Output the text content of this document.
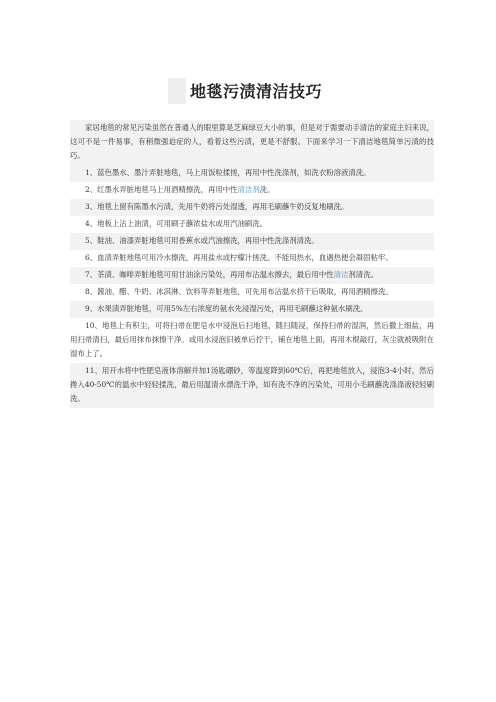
地毯污渍清洁技巧
家居地毯的常见污染虽然在普通人的眼里算是芝麻绿豆大小的事，但是对于需要动手清洁的家庭主妇来说，这可不是一件易事，有稍微强迫症的人，看着这些污渍，更是不舒服。下面来学习一下清洁地毯简单污渍的技巧。
1、蓝色墨水、墨汁弄脏地毯，马上用饭粒揉搓，再用中性洗涤剂，如洗衣粉溶液清洗。
2、红墨水弄脏地毯马上用酒精擦洗，再用中性清洁剂洗。
3、地毯上留有陈墨水污渍，先用牛奶将污处湿透，再用毛刷蘸牛奶反复地刷洗。
4、地板上沾上油渍，可用刷子蘸浓盐水或用汽油刷洗。
5、鞋油、油漆弄脏地毯可用香蕉水或汽油擦洗，再用中性洗涤剂清洗。
6、血渍弄脏地毯可用冷水擦洗，再用盐水或柠檬汁搓洗。不能用热水，血遇热便会凝固粘牢。
7、茶渍、咖啡弄脏地毯可用甘油涂污染处，再用布沾温水擦去，最后用中性清洁剂清洗。
8、酱油、醋、牛奶、冰淇淋、饮料等弄脏地毯，可先用布沾温水挤干后吸取，再用酒精擦洗。
9、水果渍弄脏地毯，可用5%左右浓度的氨水先浸湿污处，再用毛刷蘸这种氨水刷洗。
10、地毯上有积尘，可将扫帚在肥皂水中浸泡后扫地毯，随扫随浸，保持扫帚的湿润，然后撒上细盐，再用扫帚清扫，最后用抹布抹擦干净。或用水浸泡旧被单后拧干，铺在地毯上面，再用木棍敲打，灰尘就被吸附在湿布上了。
11、用开水将中性肥皂液体溶解并加1汤匙硼砂，等温度降到60℃后，再把地毯放入，浸泡3-4小时，然后搀入40-50℃的温水中轻轻揉洗，最后用温清水漂洗干净，如有洗不净的污染处，可用小毛刷蘸洗涤涤液轻轻刷洗。
